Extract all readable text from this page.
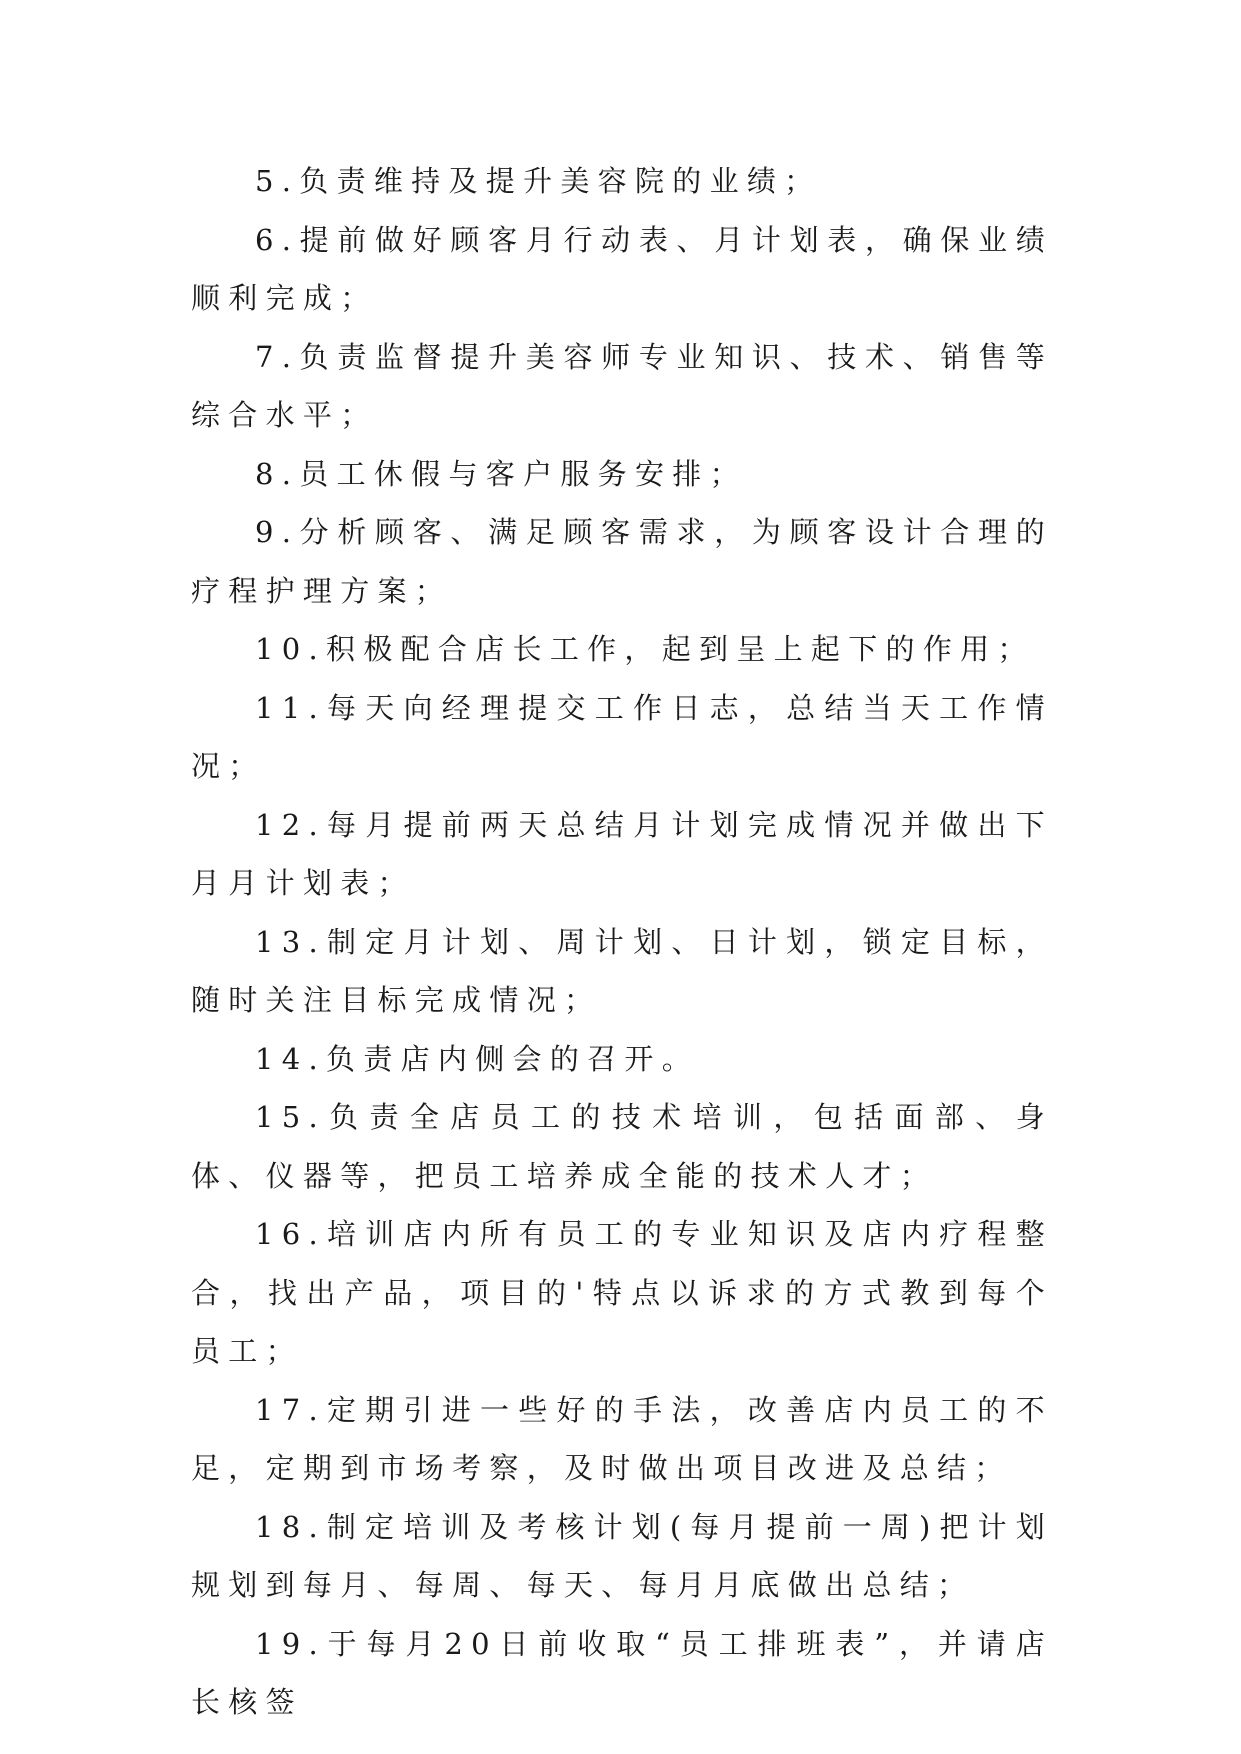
5.负责维持及提升美容院的业绩；

6.提前做好顾客月行动表、月计划表，确保业绩顺利完成；

7.负责监督提升美容师专业知识、技术、销售等综合水平；

8.员工休假与客户服务安排；

9.分析顾客、满足顾客需求，为顾客设计合理的疗程护理方案；

10.积极配合店长工作，起到呈上起下的作用；

11.每天向经理提交工作日志，总结当天工作情况；

12.每月提前两天总结月计划完成情况并做出下月月计划表；

13.制定月计划、周计划、日计划，锁定目标，随时关注目标完成情况；

14.负责店内侧会的召开。

15.负责全店员工的技术培训，包括面部、身体、仪器等，把员工培养成全能的技术人才；

16.培训店内所有员工的专业知识及店内疗程整合，找出产品，项目的'特点以诉求的方式教到每个员工；

17.定期引进一些好的手法，改善店内员工的不足，定期到市场考察，及时做出项目改进及总结；

18.制定培训及考核计划(每月提前一周)把计划规划到每月、每周、每天、每月月底做出总结；

19.于每月20日前收取“员工排班表”，并请店长核签
